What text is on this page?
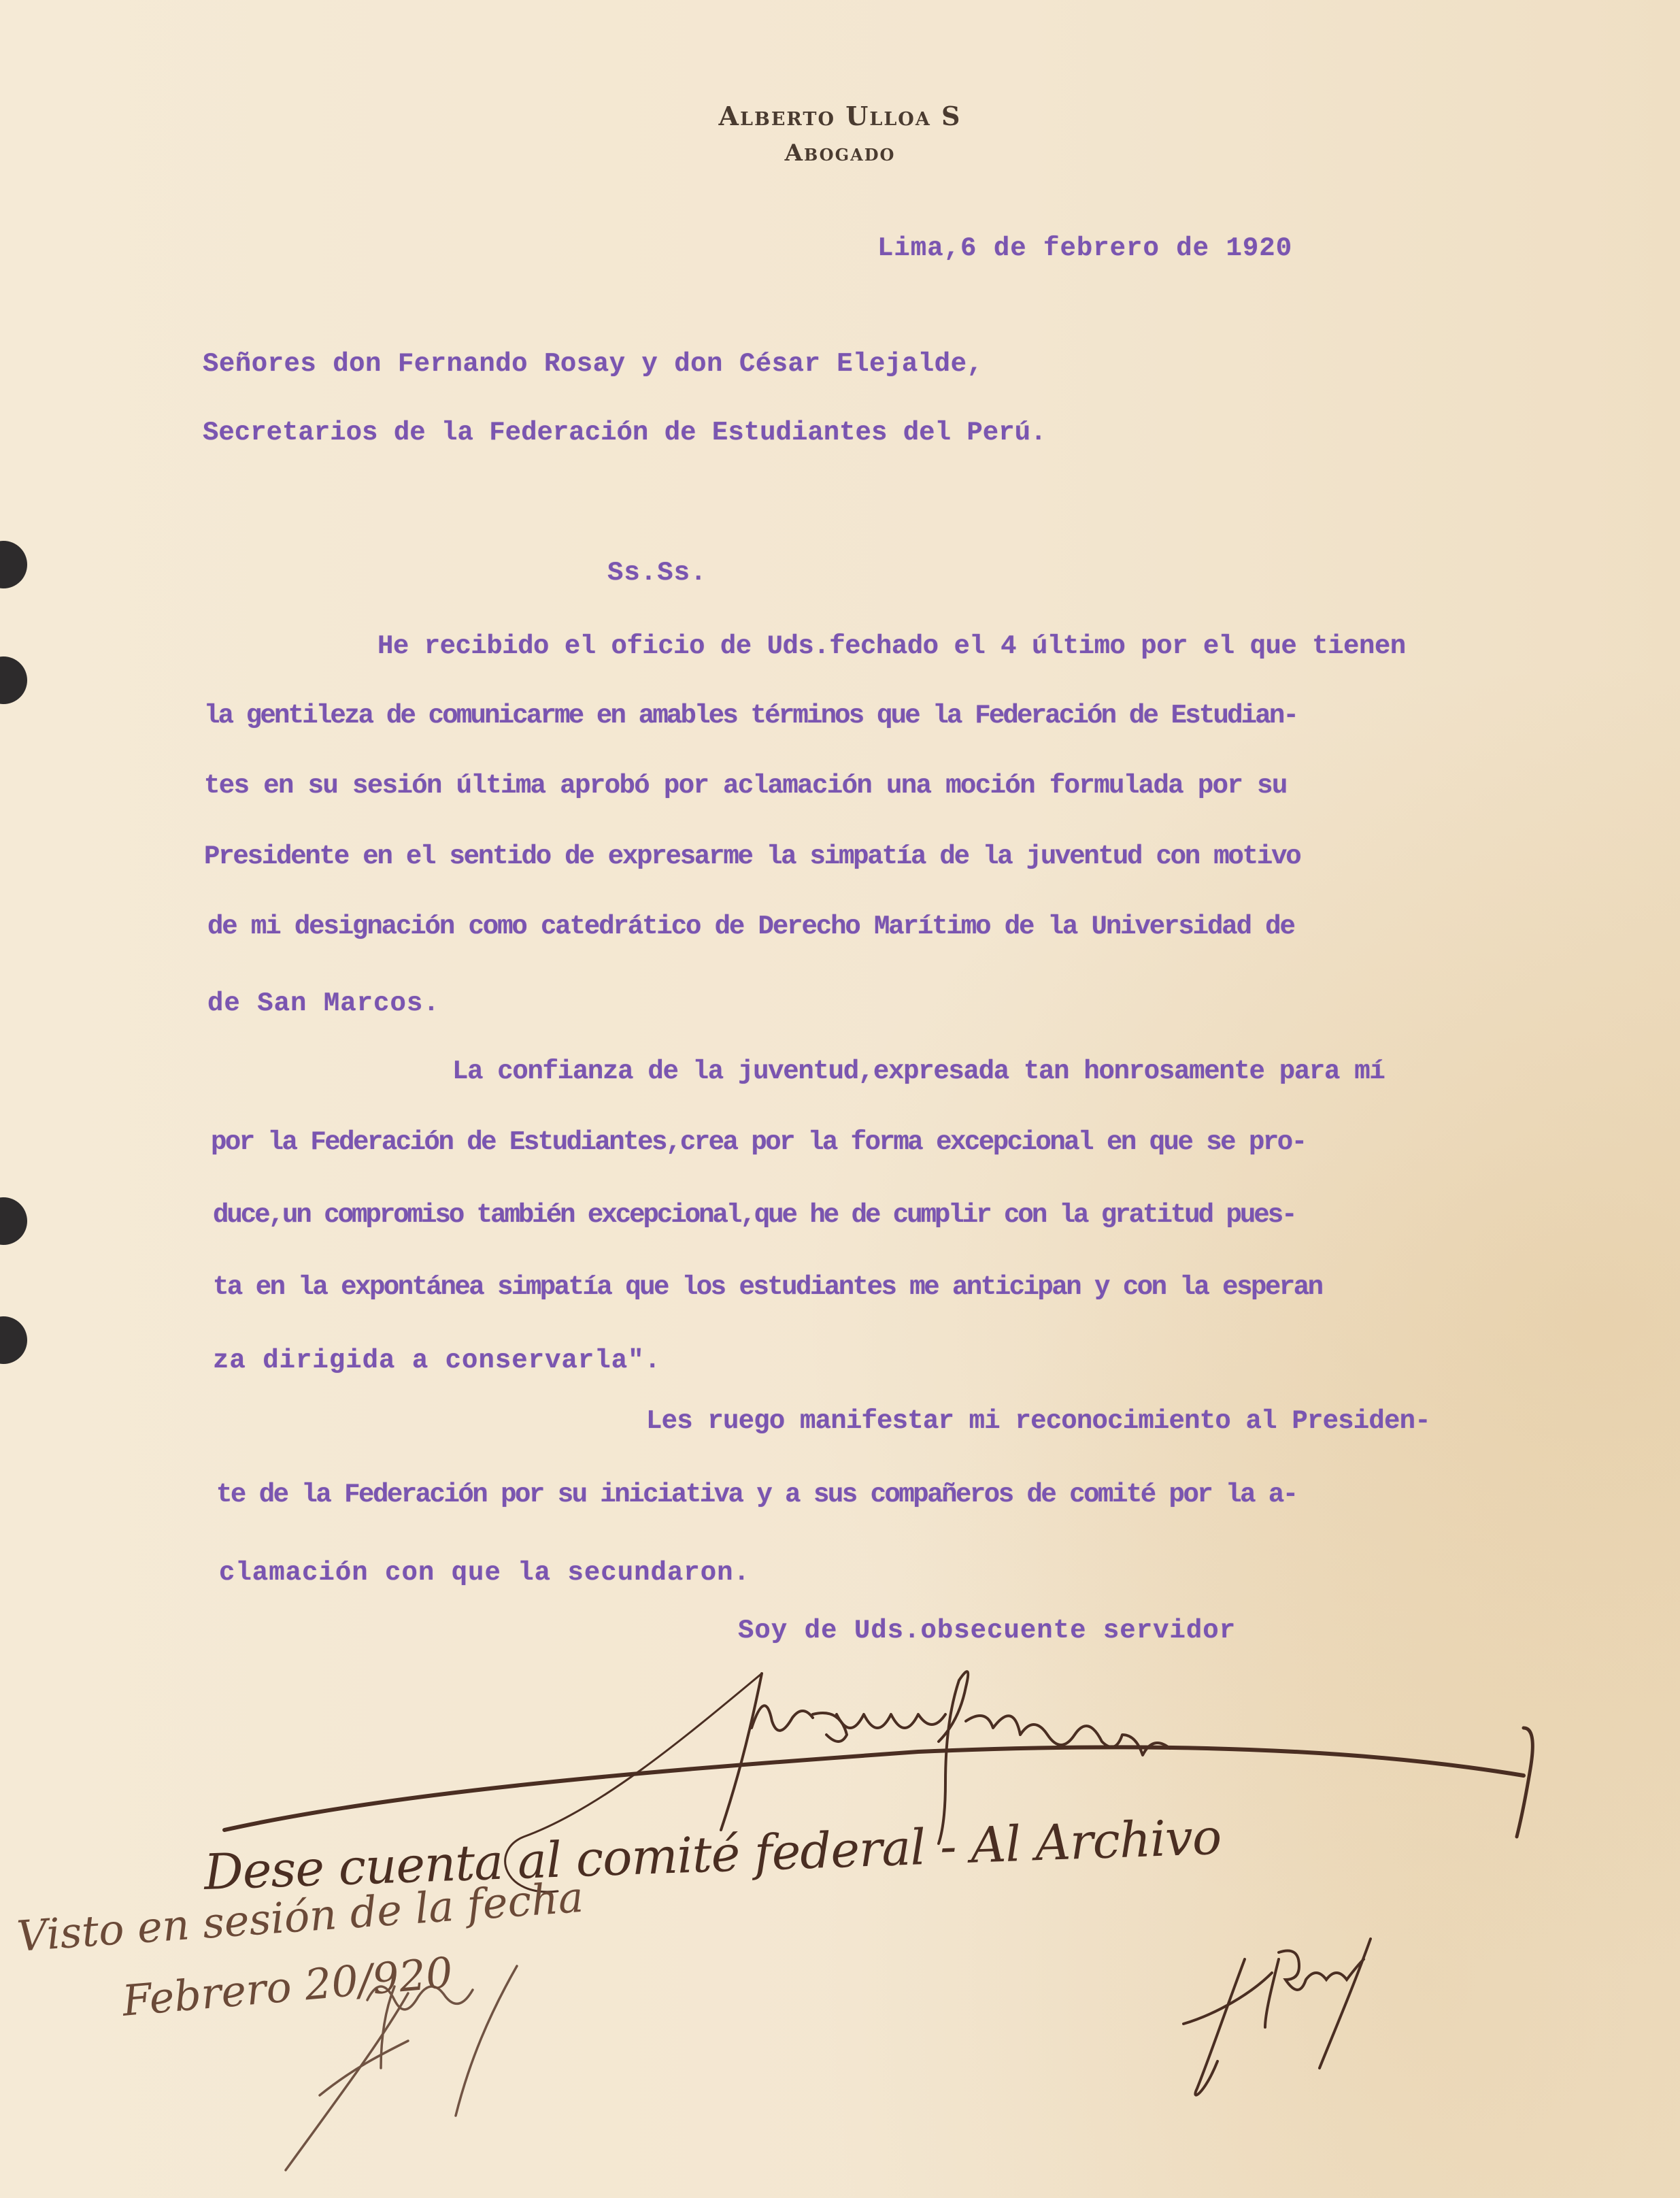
Alberto Ulloa S
Abogado
Lima,6 de febrero de 1920
Señores don Fernando Rosay y don César Elejalde,
Secretarios de la Federación de Estudiantes del Perú.
Ss.Ss.
He recibido el oficio de Uds.fechado el 4 último por el que tienen
la gentileza de comunicarme en amables términos que la Federación de Estudian-
tes en su sesión última aprobó por aclamación una moción formulada por su
Presidente en el sentido de expresarme la simpatía de la juventud con motivo
de mi designación como catedrático de Derecho Marítimo de la Universidad de
de San Marcos.
La confianza de la juventud,expresada tan honrosamente para mí
por la Federación de Estudiantes,crea por la forma excepcional en que se pro-
duce,un compromiso también excepcional,que he de cumplir con la gratitud pues-
ta en la expontánea simpatía que los estudiantes me anticipan y con la esperan
za dirigida a conservarla".
Les ruego manifestar mi reconocimiento al Presiden-
te de la Federación por su iniciativa y a sus compañeros de comité por la a-
clamación con que la secundaron.
Soy de Uds.obsecuente servidor
Dese cuenta al comité federal - Al Archivo
Visto en sesión de la fecha
Febrero 20/920
